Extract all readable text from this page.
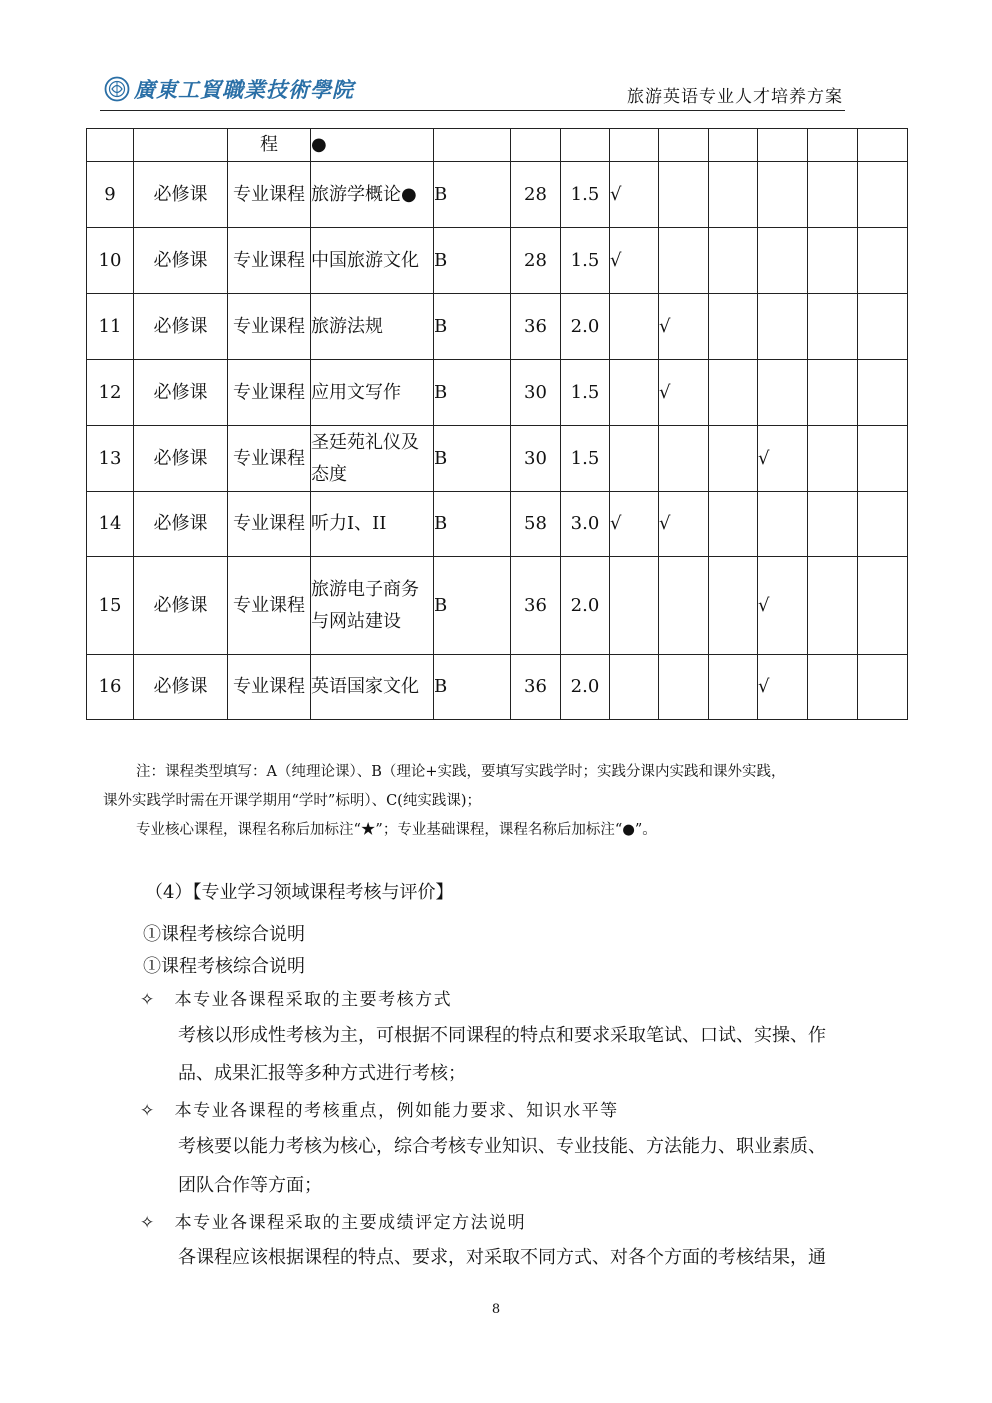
廣東工貿職業技術學院	旅游英语专业人才培养方案
		程	●									
9	必修课	专业课程	旅游学概论●	B	28	1.5	√					
10	必修课	专业课程	中国旅游文化	B	28	1.5	√					
11	必修课	专业课程	旅游法规	B	36	2.0		√				
12	必修课	专业课程	应用文写作	B	30	1.5		√				
13	必修课	专业课程	圣廷苑礼仪及态度	B	30	1.5				√		
14	必修课	专业课程	听力I、II	B	58	3.0	√	√				
15	必修课	专业课程	旅游电子商务与网站建设	B	36	2.0				√		
16	必修课	专业课程	英语国家文化	B	36	2.0				√		
注：课程类型填写：A（纯理论课）、B（理论+实践，要填写实践学时；实践分课内实践和课外实践，
课外实践学时需在开课学期用“学时”标明）、C(纯实践课)；
专业核心课程，课程名称后加标注“★”；专业基础课程，课程名称后加标注“●”。
（4）【专业学习领域课程考核与评价】
①课程考核综合说明
①课程考核综合说明
✧ 本专业各课程采取的主要考核方式
考核以形成性考核为主，可根据不同课程的特点和要求采取笔试、口试、实操、作
品、成果汇报等多种方式进行考核；
✧ 本专业各课程的考核重点，例如能力要求、知识水平等
考核要以能力考核为核心，综合考核专业知识、专业技能、方法能力、职业素质、
团队合作等方面；
✧ 本专业各课程采取的主要成绩评定方法说明
各课程应该根据课程的特点、要求，对采取不同方式、对各个方面的考核结果，通
8
